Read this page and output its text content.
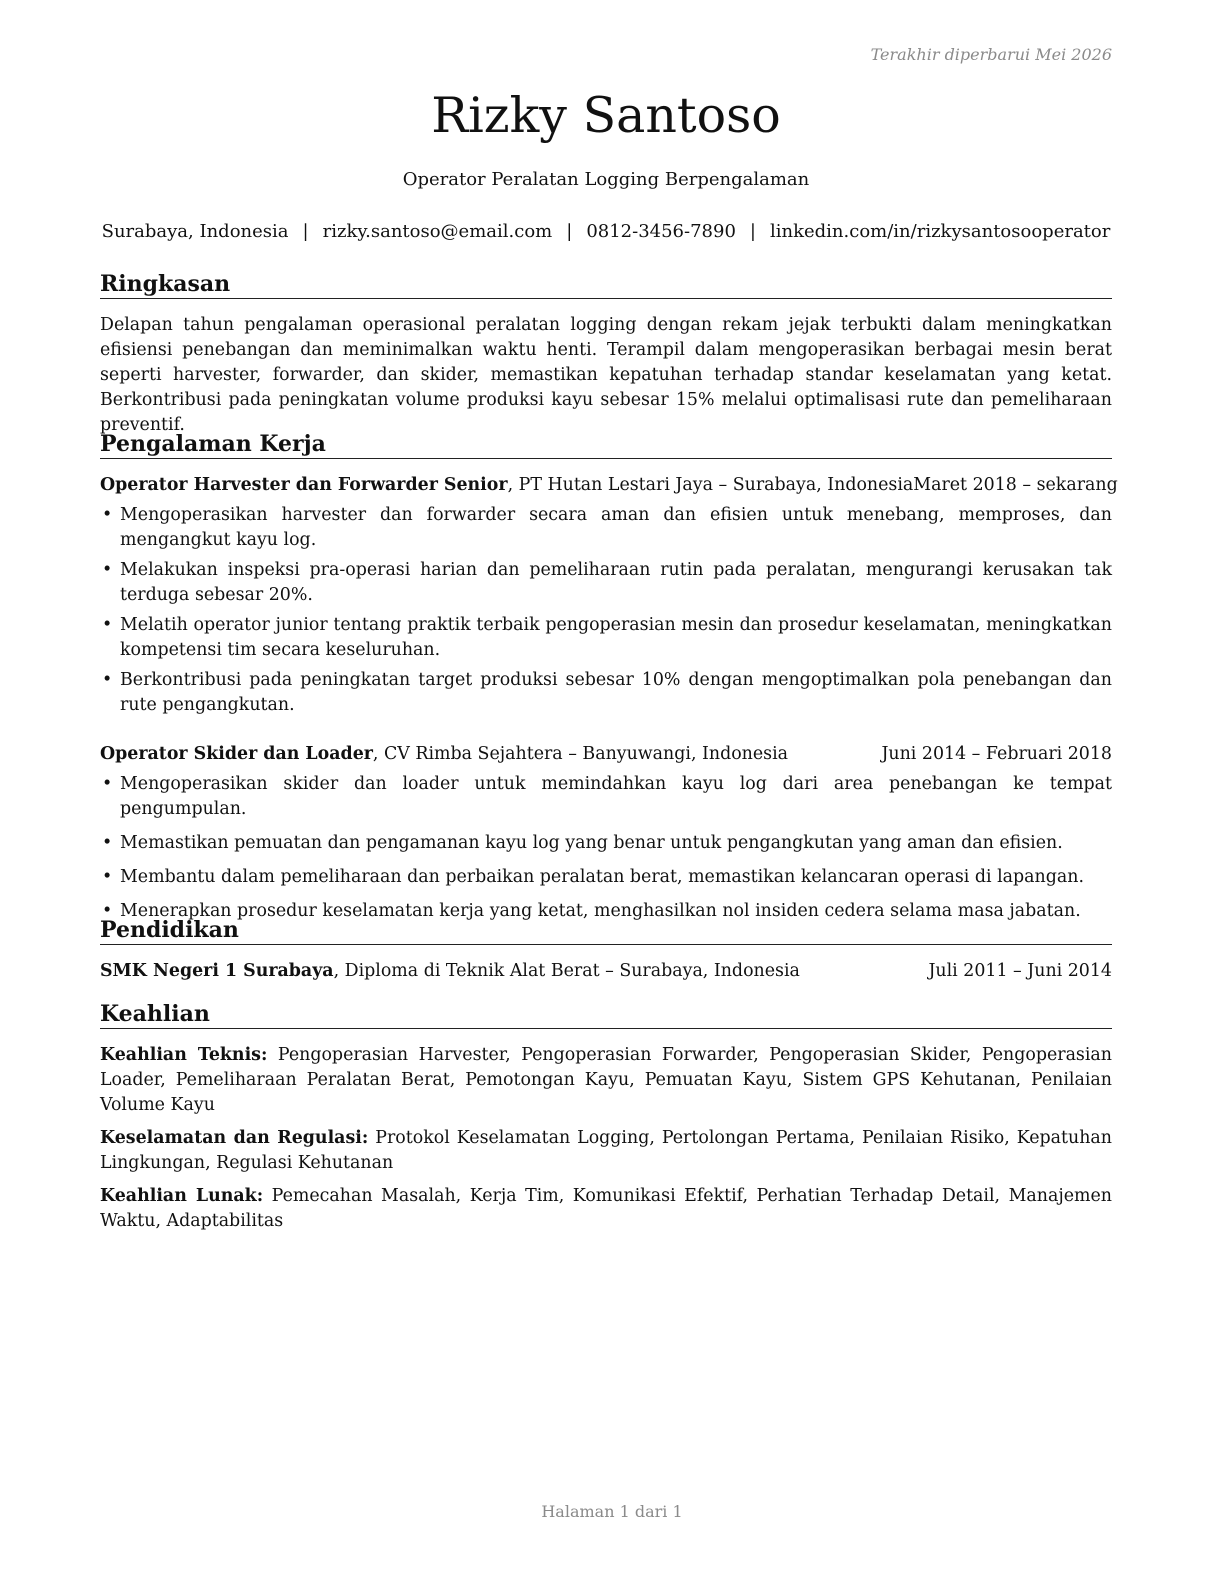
Terakhir diperbarui Mei 2026
Rizky Santoso
Operator Peralatan Logging Berpengalaman
Surabaya, Indonesia | rizky.santoso@email.com | 0812-3456-7890 | linkedin.com/in/rizkysantosooperator
Ringkasan

Delapan tahun pengalaman operasional peralatan logging dengan rekam jejak terbukti dalam meningkatkan efisiensi penebangan dan meminimalkan waktu henti. Terampil dalam mengoperasikan berbagai mesin berat seperti harvester, forwarder, dan skider, memastikan kepatuhan terhadap standar keselamatan yang ketat. Berkontribusi pada peningkatan volume produksi kayu sebesar 15% melalui optimalisasi rute dan pemeliharaan preventif.

Pengalaman Kerja
Operator Harvester dan Forwarder Senior, PT Hutan Lestari Jaya – Surabaya, Indonesia Maret 2018 – sekarang
• Mengoperasikan harvester dan forwarder secara aman dan efisien untuk menebang, memproses, dan mengangkut kayu log.
• Melakukan inspeksi pra-operasi harian dan pemeliharaan rutin pada peralatan, mengurangi kerusakan tak terduga sebesar 20%.
• Melatih operator junior tentang praktik terbaik pengoperasian mesin dan prosedur keselamatan, meningkatkan kompetensi tim secara keseluruhan.
• Berkontribusi pada peningkatan target produksi sebesar 10% dengan mengoptimalkan pola penebangan dan rute pengangkutan.
Operator Skider dan Loader, CV Rimba Sejahtera – Banyuwangi, Indonesia	Juni 2014 – Februari 2018
• Mengoperasikan skider dan loader untuk memindahkan kayu log dari area penebangan ke tempat pengumpulan.
• Memastikan pemuatan dan pengamanan kayu log yang benar untuk pengangkutan yang aman dan efisien.
• Membantu dalam pemeliharaan dan perbaikan peralatan berat, memastikan kelancaran operasi di lapangan.
• Menerapkan prosedur keselamatan kerja yang ketat, menghasilkan nol insiden cedera selama masa jabatan.
Pendidikan
SMK Negeri 1 Surabaya, Diploma di Teknik Alat Berat – Surabaya, Indonesia	Juli 2011 – Juni 2014
Keahlian

Keahlian Teknis: Pengoperasian Harvester, Pengoperasian Forwarder, Pengoperasian Skider, Pengoperasian Loader, Pemeliharaan Peralatan Berat, Pemotongan Kayu, Pemuatan Kayu, Sistem GPS Kehutanan, Penilaian Volume Kayu

Keselamatan dan Regulasi: Protokol Keselamatan Logging, Pertolongan Pertama, Penilaian Risiko, Kepatuhan Lingkungan, Regulasi Kehutanan

Keahlian Lunak: Pemecahan Masalah, Kerja Tim, Komunikasi Efektif, Perhatian Terhadap Detail, Manajemen Waktu, Adaptabilitas

Halaman 1 dari 1
